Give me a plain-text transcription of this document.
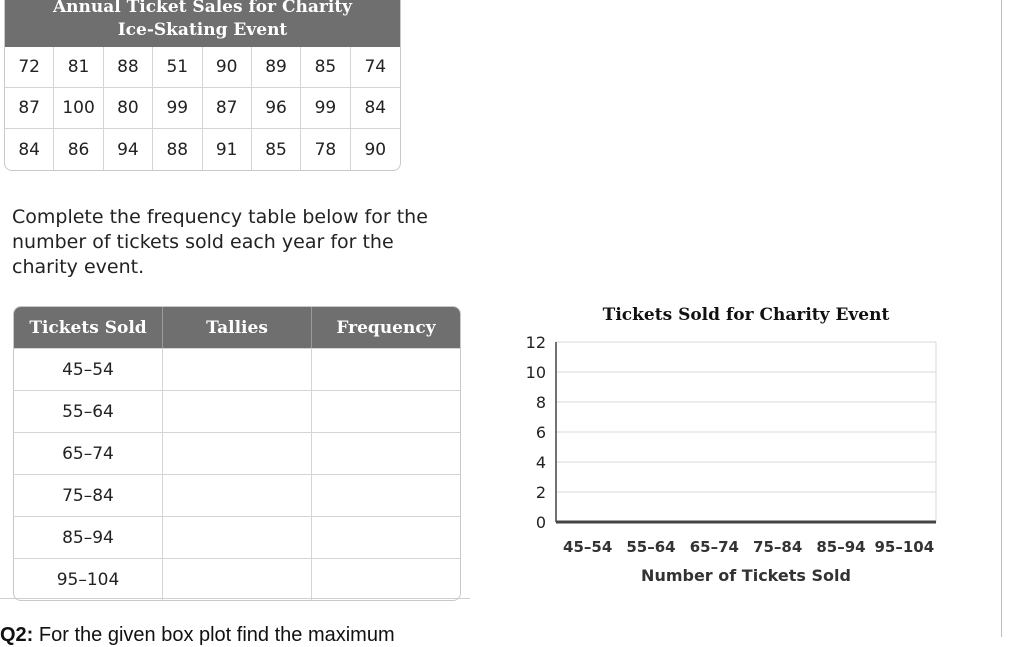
Annual Ticket Sales for Charity
Ice-Skating Event
72	81	88	51	90	89	85	74
87	100	80	99	87	96	99	84
84	86	94	88	91	85	78	90
Complete the frequency table below for the number of tickets sold each year for the charity event.
Tickets Sold	Tallies	Frequency
45–54
55–64
65–74
75–84
85–94
95–104
Q2: For the given box plot find the maximum
Tickets Sold for Charity Event
0
2
4
6
8
10
12
45–54 55–64 65–74 75–84 85–94 95–104
Number of Tickets Sold
